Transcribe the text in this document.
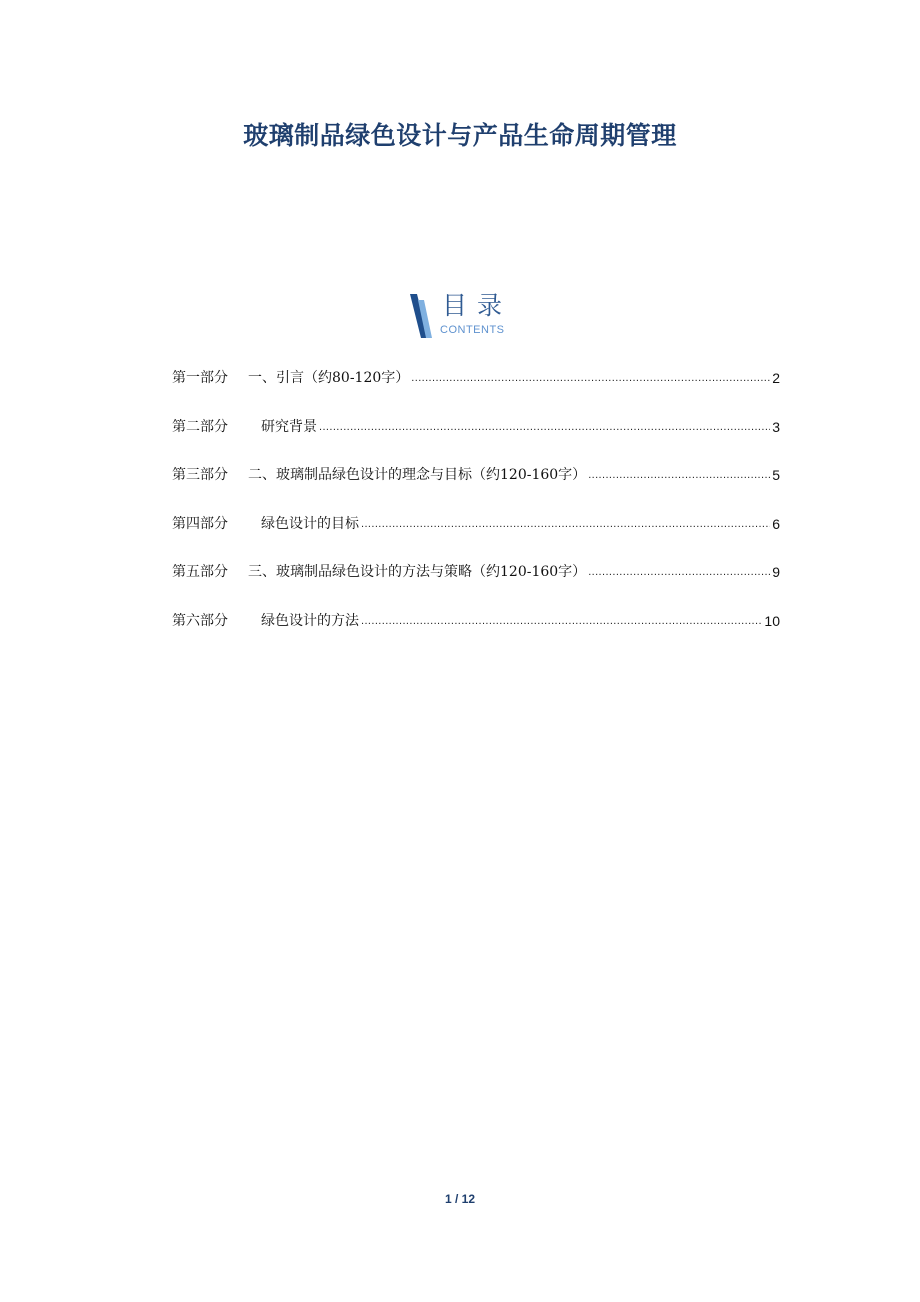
玻璃制品绿色设计与产品生命周期管理
目录
CONTENTS
第一部分	一、引言（约80-120字） .....	2
第二部分	研究背景 .....	3
第三部分	二、玻璃制品绿色设计的理念与目标（约120-160字） .....	5
第四部分	绿色设计的目标 .....	6
第五部分	三、玻璃制品绿色设计的方法与策略（约120-160字） .....	9
第六部分	绿色设计的方法 .....	10
1 / 12
